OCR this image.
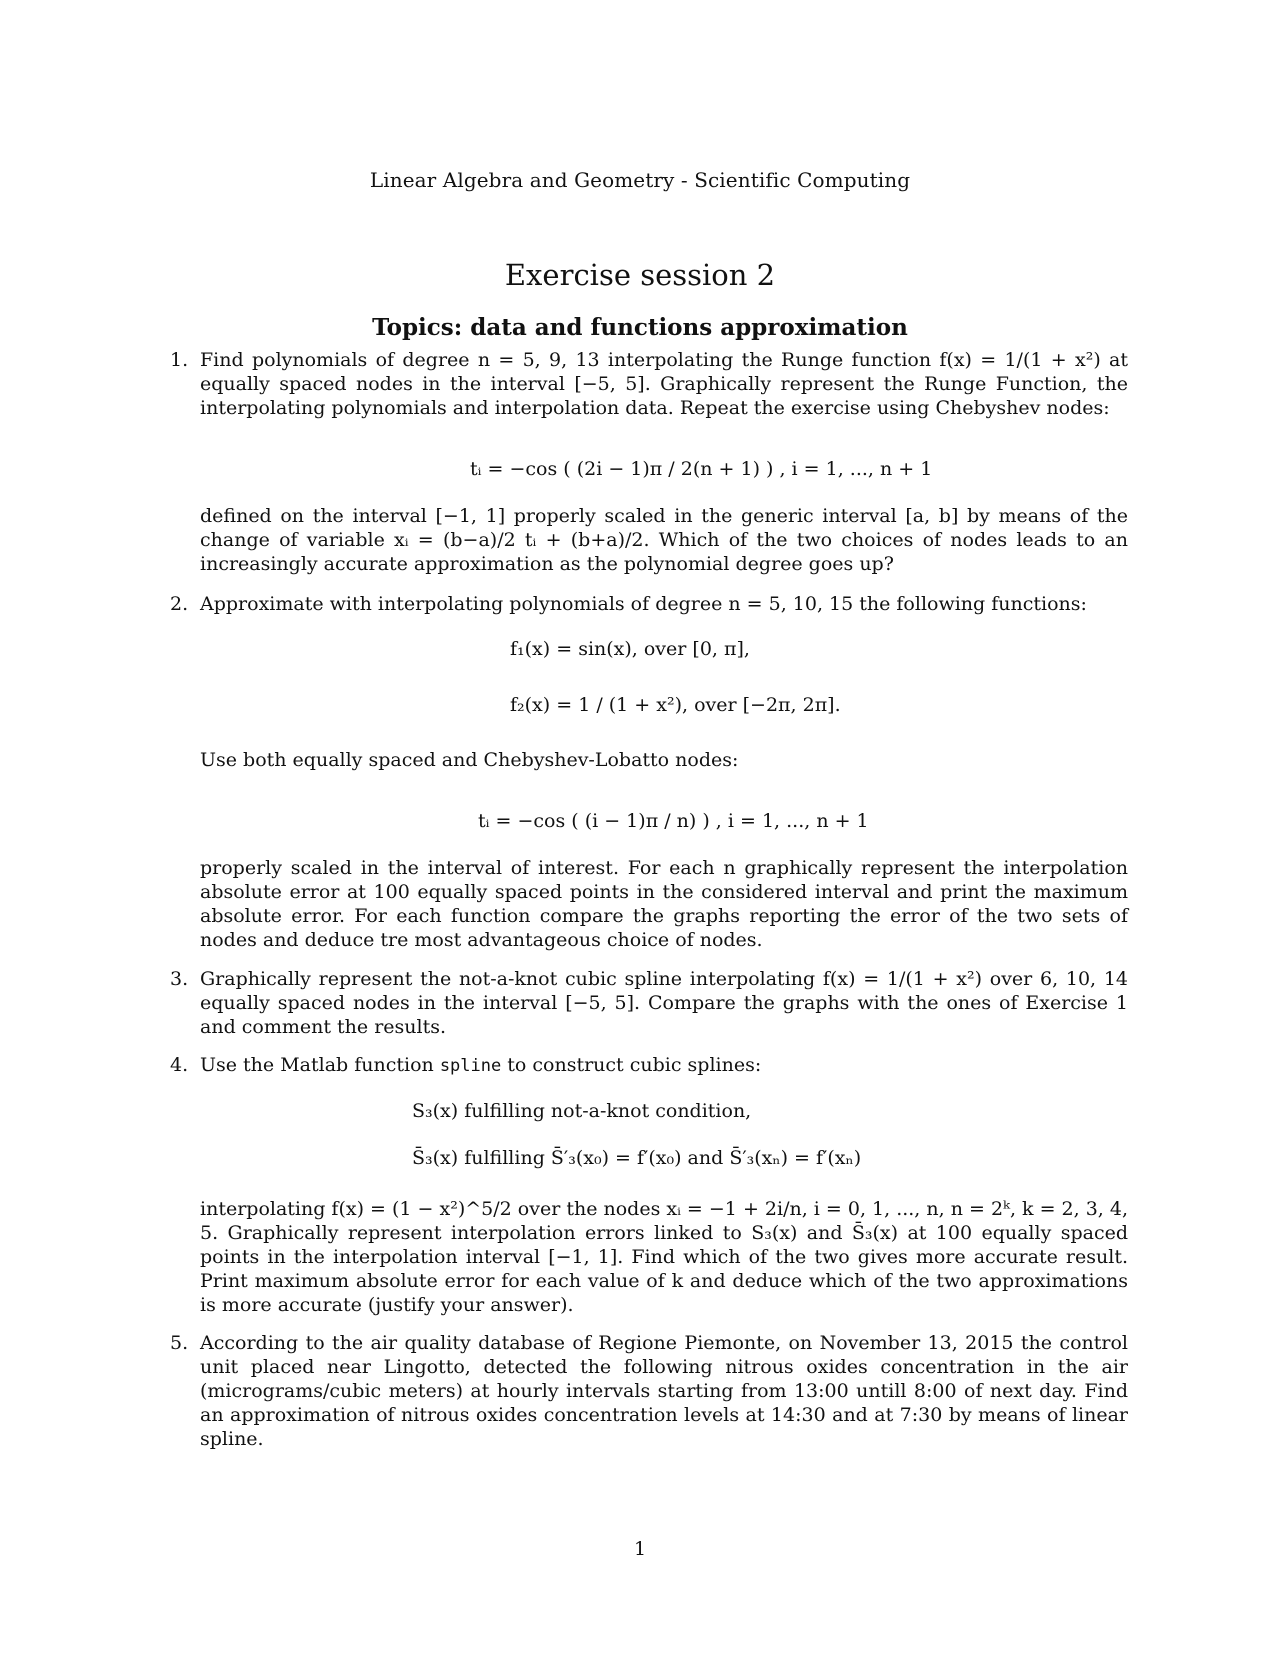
Linear Algebra and Geometry - Scientific Computing
Exercise session 2
Topics: data and functions approximation
1. Find polynomials of degree n = 5, 9, 13 interpolating the Runge function f(x) = 1/(1 + x²) at equally spaced nodes in the interval [−5, 5]. Graphically represent the Runge Function, the interpolating polynomials and interpolation data. Repeat the exercise using Chebyshev nodes:

tᵢ = −cos ( (2i − 1)π / 2(n + 1) ) , i = 1, ..., n + 1

defined on the interval [−1, 1] properly scaled in the generic interval [a, b] by means of the change of variable xᵢ = (b−a)/2 tᵢ + (b+a)/2. Which of the two choices of nodes leads to an increasingly accurate approximation as the polynomial degree goes up?

2. Approximate with interpolating polynomials of degree n = 5, 10, 15 the following functions:

f₁(x) = sin(x), over [0, π],
f₂(x) = 1 / (1 + x²), over [−2π, 2π].

Use both equally spaced and Chebyshev-Lobatto nodes:

tᵢ = −cos ( (i − 1)π / n) ) , i = 1, ..., n + 1

properly scaled in the interval of interest. For each n graphically represent the interpolation absolute error at 100 equally spaced points in the considered interval and print the maximum absolute error. For each function compare the graphs reporting the error of the two sets of nodes and deduce tre most advantageous choice of nodes.

3. Graphically represent the not-a-knot cubic spline interpolating f(x) = 1/(1 + x²) over 6, 10, 14 equally spaced nodes in the interval [−5, 5]. Compare the graphs with the ones of Exercise 1 and comment the results.

4. Use the Matlab function spline to construct cubic splines:

S₃(x) fulfilling not-a-knot condition,
S̄₃(x) fulfilling S̄′₃(x₀) = f′(x₀) and S̄′₃(xₙ) = f′(xₙ)

interpolating f(x) = (1 − x²)^5/2 over the nodes xᵢ = −1 + 2i/n, i = 0, 1, ..., n, n = 2ᵏ, k = 2, 3, 4, 5. Graphically represent interpolation errors linked to S₃(x) and S̄₃(x) at 100 equally spaced points in the interpolation interval [−1, 1]. Find which of the two gives more accurate result. Print maximum absolute error for each value of k and deduce which of the two approximations is more accurate (justify your answer).

5. According to the air quality database of Regione Piemonte, on November 13, 2015 the control unit placed near Lingotto, detected the following nitrous oxides concentration in the air (micrograms/cubic meters) at hourly intervals starting from 13:00 untill 8:00 of next day. Find an approximation of nitrous oxides concentration levels at 14:30 and at 7:30 by means of linear spline.

1
